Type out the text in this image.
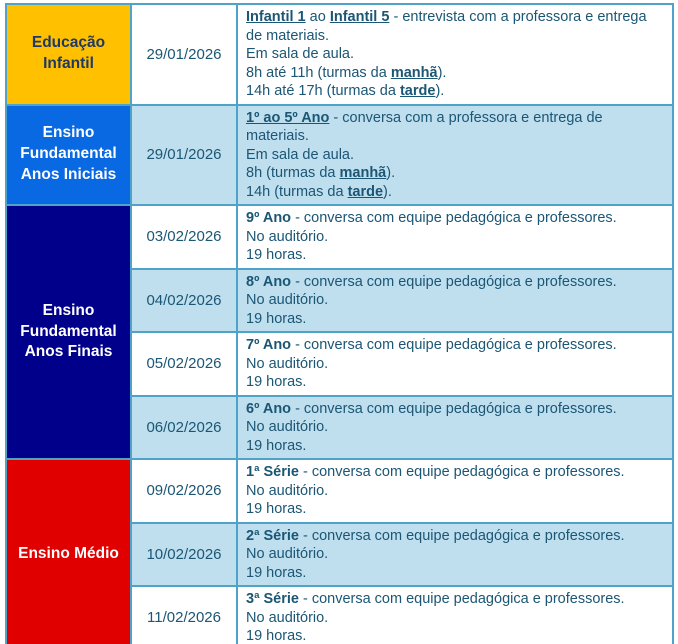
Educação Infantil	29/01/2026	Infantil 1 ao Infantil 5 - entrevista com a professora e entrega de materiais.

Em sala de aula.

8h até 11h (turmas da manhã).

14h até 17h (turmas da tarde).

Ensino Fundamental Anos Iniciais	29/01/2026	1º ao 5º Ano - conversa com a professora e entrega de materiais.

Em sala de aula.

8h (turmas da manhã).

14h (turmas da tarde).

Ensino Fundamental Anos Finais	03/02/2026	9º Ano - conversa com equipe pedagógica e professores.

No auditório.

19 horas.

	04/02/2026	8º Ano - conversa com equipe pedagógica e professores.

No auditório.

19 horas.

	05/02/2026	7º Ano - conversa com equipe pedagógica e professores.

No auditório.

19 horas.

	06/02/2026	6º Ano - conversa com equipe pedagógica e professores.

No auditório.

19 horas.

Ensino Médio	09/02/2026	1ª Série - conversa com equipe pedagógica e professores.

No auditório.

19 horas.

	10/02/2026	2ª Série - conversa com equipe pedagógica e professores.

No auditório.

19 horas.

	11/02/2026	3ª Série - conversa com equipe pedagógica e professores.

No auditório.

19 horas.
